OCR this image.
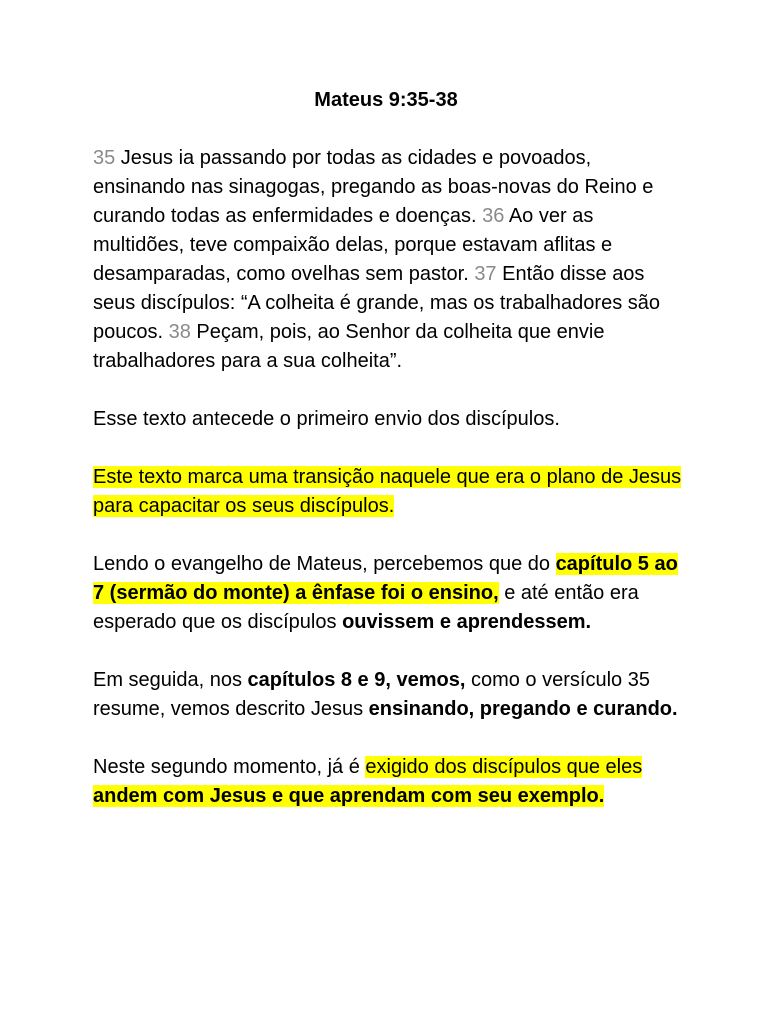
Mateus 9:35-38

35 Jesus ia passando por todas as cidades e povoados, ensinando nas sinagogas, pregando as boas-novas do Reino e curando todas as enfermidades e doenças. 36 Ao ver as multidões, teve compaixão delas, porque estavam aflitas e desamparadas, como ovelhas sem pastor. 37 Então disse aos seus discípulos: “A colheita é grande, mas os trabalhadores são poucos. 38 Peçam, pois, ao Senhor da colheita que envie trabalhadores para a sua colheita”.

Esse texto antecede o primeiro envio dos discípulos.

Este texto marca uma transição naquele que era o plano de Jesus para capacitar os seus discípulos.

Lendo o evangelho de Mateus, percebemos que do capítulo 5 ao 7 (sermão do monte) a ênfase foi o ensino, e até então era esperado que os discípulos ouvissem e aprendessem.

Em seguida, nos capítulos 8 e 9, vemos, como o versículo 35 resume, vemos descrito Jesus ensinando, pregando e curando.

Neste segundo momento, já é exigido dos discípulos que eles andem com Jesus e que aprendam com seu exemplo.
